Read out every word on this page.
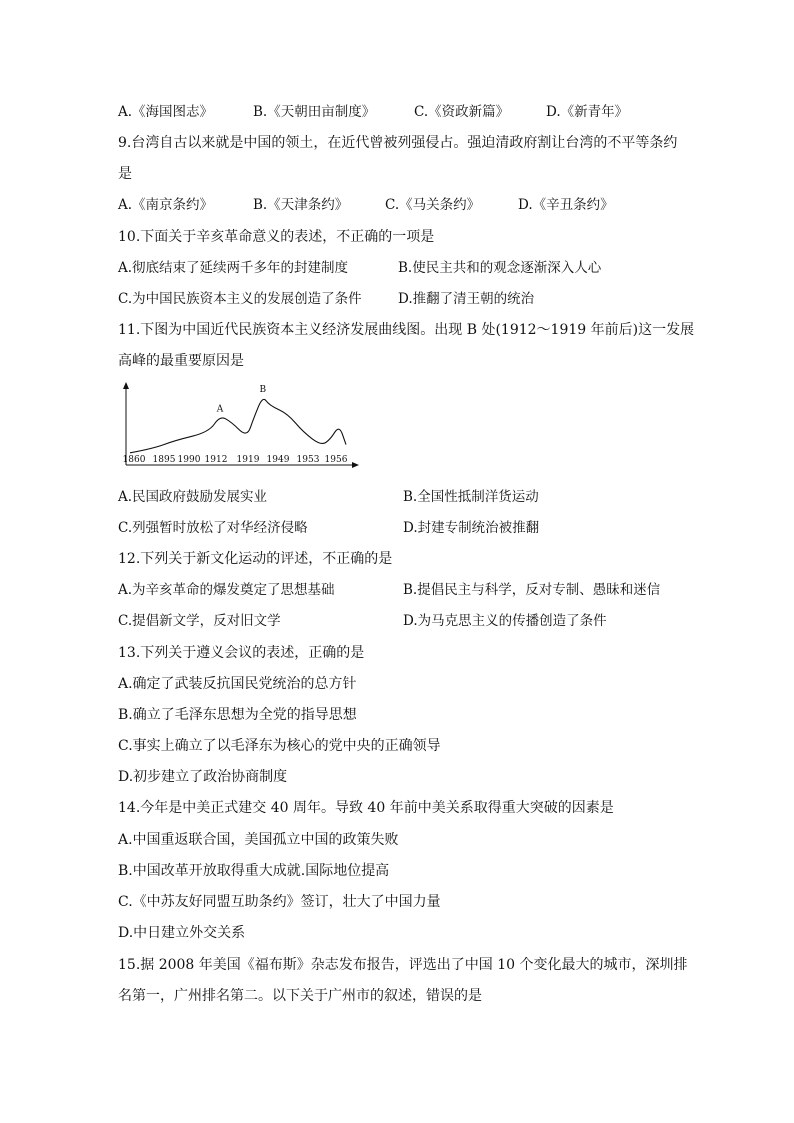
A.《海国图志》	B.《天朝田亩制度》	C.《资政新篇》	D.《新青年》
9.台湾自古以来就是中国的领土，在近代曾被列强侵占。强迫清政府割让台湾的不平等条约
是
A.《南京条约》	B.《天津条约》	C.《马关条约》	D.《辛丑条约》
10.下面关于辛亥革命意义的表述，不正确的一项是
A.彻底结束了延续两千多年的封建制度	B.使民主共和的观念逐渐深入人心
C.为中国民族资本主义的发展创造了条件	D.推翻了清王朝的统治
11.下图为中国近代民族资本主义经济发展曲线图。出现 B 处(1912～1919 年前后)这一发展
高峰的最重要原因是
1860 1895 1990 1912 1919 1949 1953 1956
A
B
A.民国政府鼓励发展实业	B.全国性抵制洋货运动
C.列强暂时放松了对华经济侵略	D.封建专制统治被推翻
12.下列关于新文化运动的评述，不正确的是
A.为辛亥革命的爆发奠定了思想基础	B.提倡民主与科学，反对专制、愚昧和迷信
C.提倡新文学，反对旧文学	D.为马克思主义的传播创造了条件
13.下列关于遵义会议的表述，正确的是
A.确定了武装反抗国民党统治的总方针
B.确立了毛泽东思想为全党的指导思想
C.事实上确立了以毛泽东为核心的党中央的正确领导
D.初步建立了政治协商制度
14.今年是中美正式建交 40 周年。导致 40 年前中美关系取得重大突破的因素是
A.中国重返联合国，美国孤立中国的政策失败
B.中国改革开放取得重大成就.国际地位提高
C.《中苏友好同盟互助条约》签订，壮大了中国力量
D.中日建立外交关系
15.据 2008 年美国《福布斯》杂志发布报告，评选出了中国 10 个变化最大的城市，深圳排
名第一，广州排名第二。以下关于广州市的叙述，错误的是
